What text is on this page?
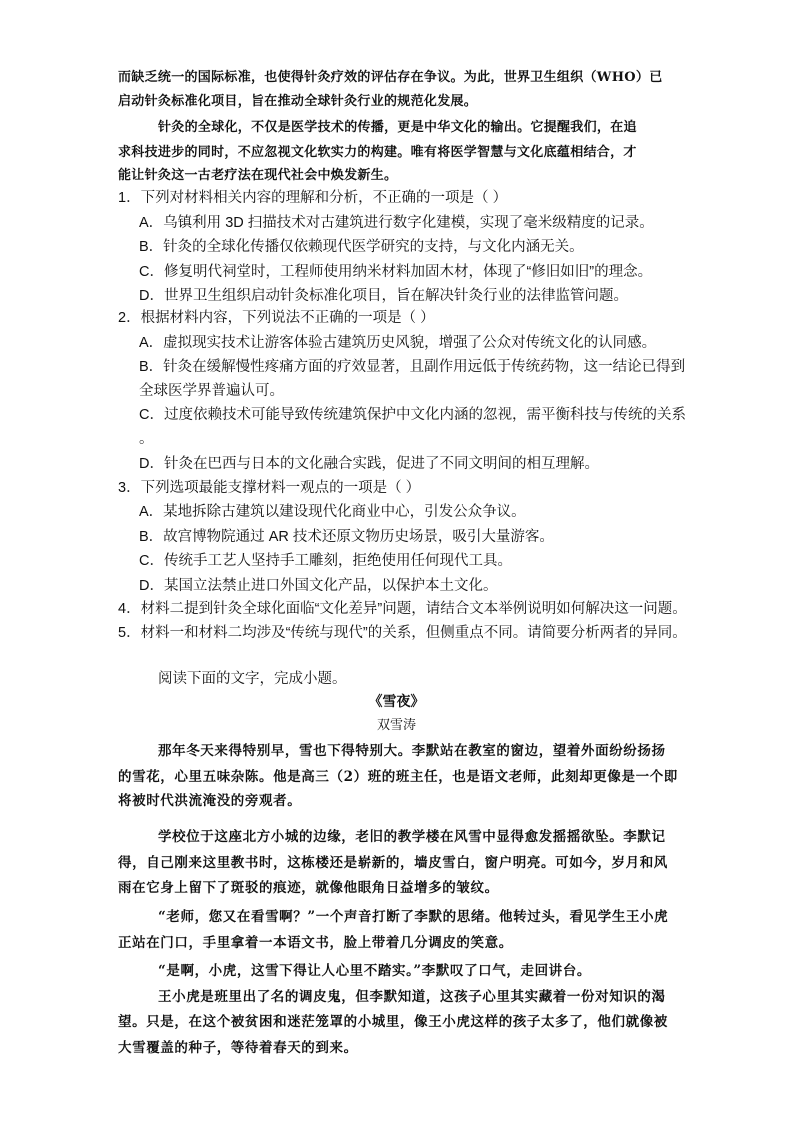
而缺乏统一的国际标准，也使得针灸疗效的评估存在争议。为此，世界卫生组织（WHO）已
启动针灸标准化项目，旨在推动全球针灸行业的规范化发展。
针灸的全球化，不仅是医学技术的传播，更是中华文化的输出。它提醒我们，在追
求科技进步的同时，不应忽视文化软实力的构建。唯有将医学智慧与文化底蕴相结合，才
能让针灸这一古老疗法在现代社会中焕发新生。
1．下列对材料相关内容的理解和分析，不正确的一项是（ ）
A．乌镇利用 3D 扫描技术对古建筑进行数字化建模，实现了毫米级精度的记录。
B．针灸的全球化传播仅依赖现代医学研究的支持，与文化内涵无关。
C．修复明代祠堂时，工程师使用纳米材料加固木材，体现了“修旧如旧”的理念。
D．世界卫生组织启动针灸标准化项目，旨在解决针灸行业的法律监管问题。
2．根据材料内容，下列说法不正确的一项是（ ）
A．虚拟现实技术让游客体验古建筑历史风貌，增强了公众对传统文化的认同感。
B．针灸在缓解慢性疼痛方面的疗效显著，且副作用远低于传统药物，这一结论已得到
全球医学界普遍认可。
C．过度依赖技术可能导致传统建筑保护中文化内涵的忽视，需平衡科技与传统的关系
。
D．针灸在巴西与日本的文化融合实践，促进了不同文明间的相互理解。
3．下列选项最能支撑材料一观点的一项是（ ）
A．某地拆除古建筑以建设现代化商业中心，引发公众争议。
B．故宫博物院通过 AR 技术还原文物历史场景，吸引大量游客。
C．传统手工艺人坚持手工雕刻，拒绝使用任何现代工具。
D．某国立法禁止进口外国文化产品，以保护本土文化。
4．材料二提到针灸全球化面临“文化差异”问题，请结合文本举例说明如何解决这一问题。
5．材料一和材料二均涉及“传统与现代”的关系，但侧重点不同。请简要分析两者的异同。
阅读下面的文字，完成小题。
《雪夜》
双雪涛
那年冬天来得特别早，雪也下得特别大。李默站在教室的窗边，望着外面纷纷扬扬
的雪花，心里五味杂陈。他是高三（2）班的班主任，也是语文老师，此刻却更像是一个即
将被时代洪流淹没的旁观者。
学校位于这座北方小城的边缘，老旧的教学楼在风雪中显得愈发摇摇欲坠。李默记
得，自己刚来这里教书时，这栋楼还是崭新的，墙皮雪白，窗户明亮。可如今，岁月和风
雨在它身上留下了斑驳的痕迹，就像他眼角日益增多的皱纹。
“老师，您又在看雪啊？”一个声音打断了李默的思绪。他转过头，看见学生王小虎
正站在门口，手里拿着一本语文书，脸上带着几分调皮的笑意。
“是啊，小虎，这雪下得让人心里不踏实。”李默叹了口气，走回讲台。
王小虎是班里出了名的调皮鬼，但李默知道，这孩子心里其实藏着一份对知识的渴
望。只是，在这个被贫困和迷茫笼罩的小城里，像王小虎这样的孩子太多了，他们就像被
大雪覆盖的种子，等待着春天的到来。
